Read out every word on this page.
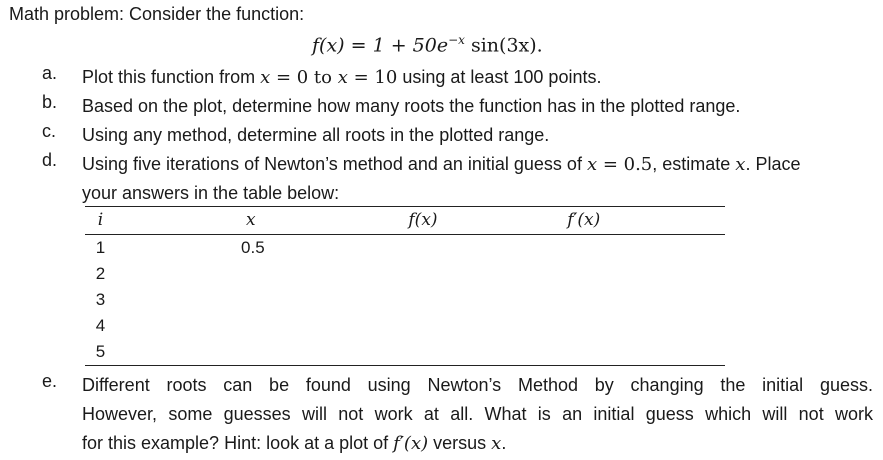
Math problem: Consider the function:
$f(x) = 1 + 50e^{-x}$ sin(3x).
a. Plot this function from x = 0 to x = 10 using at least 100 points.
b. Based on the plot, determine how many roots the function has in the plotted range.
c. Using any method, determine all roots in the plotted range.
d. Using five iterations of Newton’s method and an initial guess of x = 0.5, estimate x. Place
your answers in the table below:
i	x	f(x)	f′(x)
1	0.5		
2			
3			
4			
5			
e. Different roots can be found using Newton’s Method by changing the initial guess.
However, some guesses will not work at all. What is an initial guess which will not work
for this example? Hint: look at a plot of f′(x) versus x.
